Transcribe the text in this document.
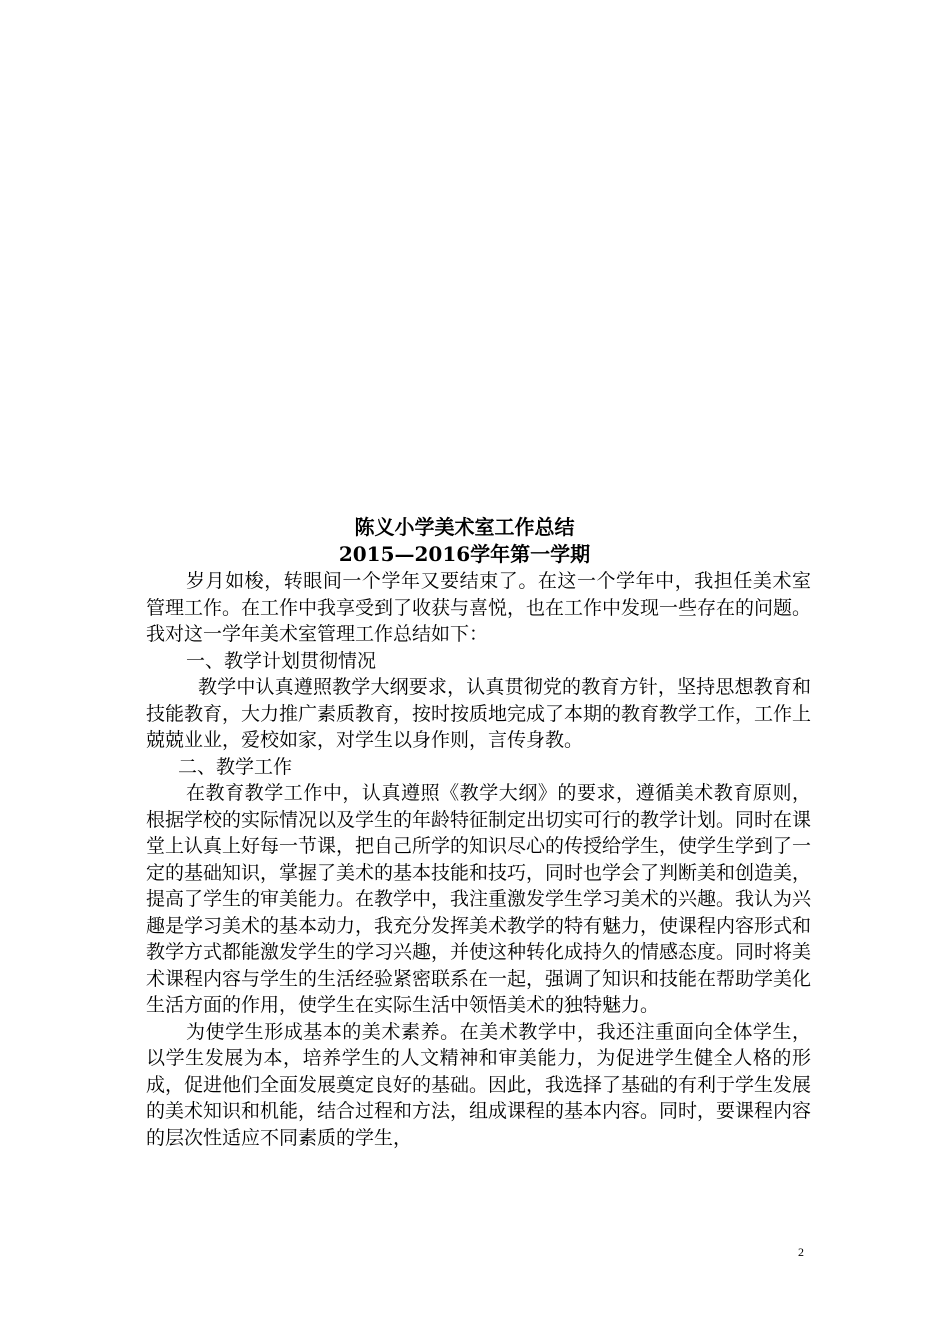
陈义小学美术室工作总结
2015—2016学年第一学期

岁月如梭，转眼间一个学年又要结束了。在这一个学年中，我担任美术室管理工作。在工作中我享受到了收获与喜悦，也在工作中发现一些存在的问题。我对这一学年美术室管理工作总结如下：

一、教学计划贯彻情况

教学中认真遵照教学大纲要求，认真贯彻党的教育方针，坚持思想教育和技能教育，大力推广素质教育，按时按质地完成了本期的教育教学工作，工作上兢兢业业，爱校如家，对学生以身作则，言传身教。

二、教学工作

在教育教学工作中，认真遵照《教学大纲》的要求，遵循美术教育原则，根据学校的实际情况以及学生的年龄特征制定出切实可行的教学计划。同时在课堂上认真上好每一节课，把自己所学的知识尽心的传授给学生，使学生学到了一定的基础知识，掌握了美术的基本技能和技巧，同时也学会了判断美和创造美，提高了学生的审美能力。在教学中，我注重激发学生学习美术的兴趣。我认为兴趣是学习美术的基本动力，我充分发挥美术教学的特有魅力，使课程内容形式和教学方式都能激发学生的学习兴趣，并使这种转化成持久的情感态度。同时将美术课程内容与学生的生活经验紧密联系在一起，强调了知识和技能在帮助学美化生活方面的作用，使学生在实际生活中领悟美术的独特魅力。

为使学生形成基本的美术素养。在美术教学中，我还注重面向全体学生，以学生发展为本，培养学生的人文精神和审美能力，为促进学生健全人格的形成，促进他们全面发展奠定良好的基础。因此，我选择了基础的有利于学生发展的美术知识和机能，结合过程和方法，组成课程的基本内容。同时，要课程内容的层次性适应不同素质的学生，

2
